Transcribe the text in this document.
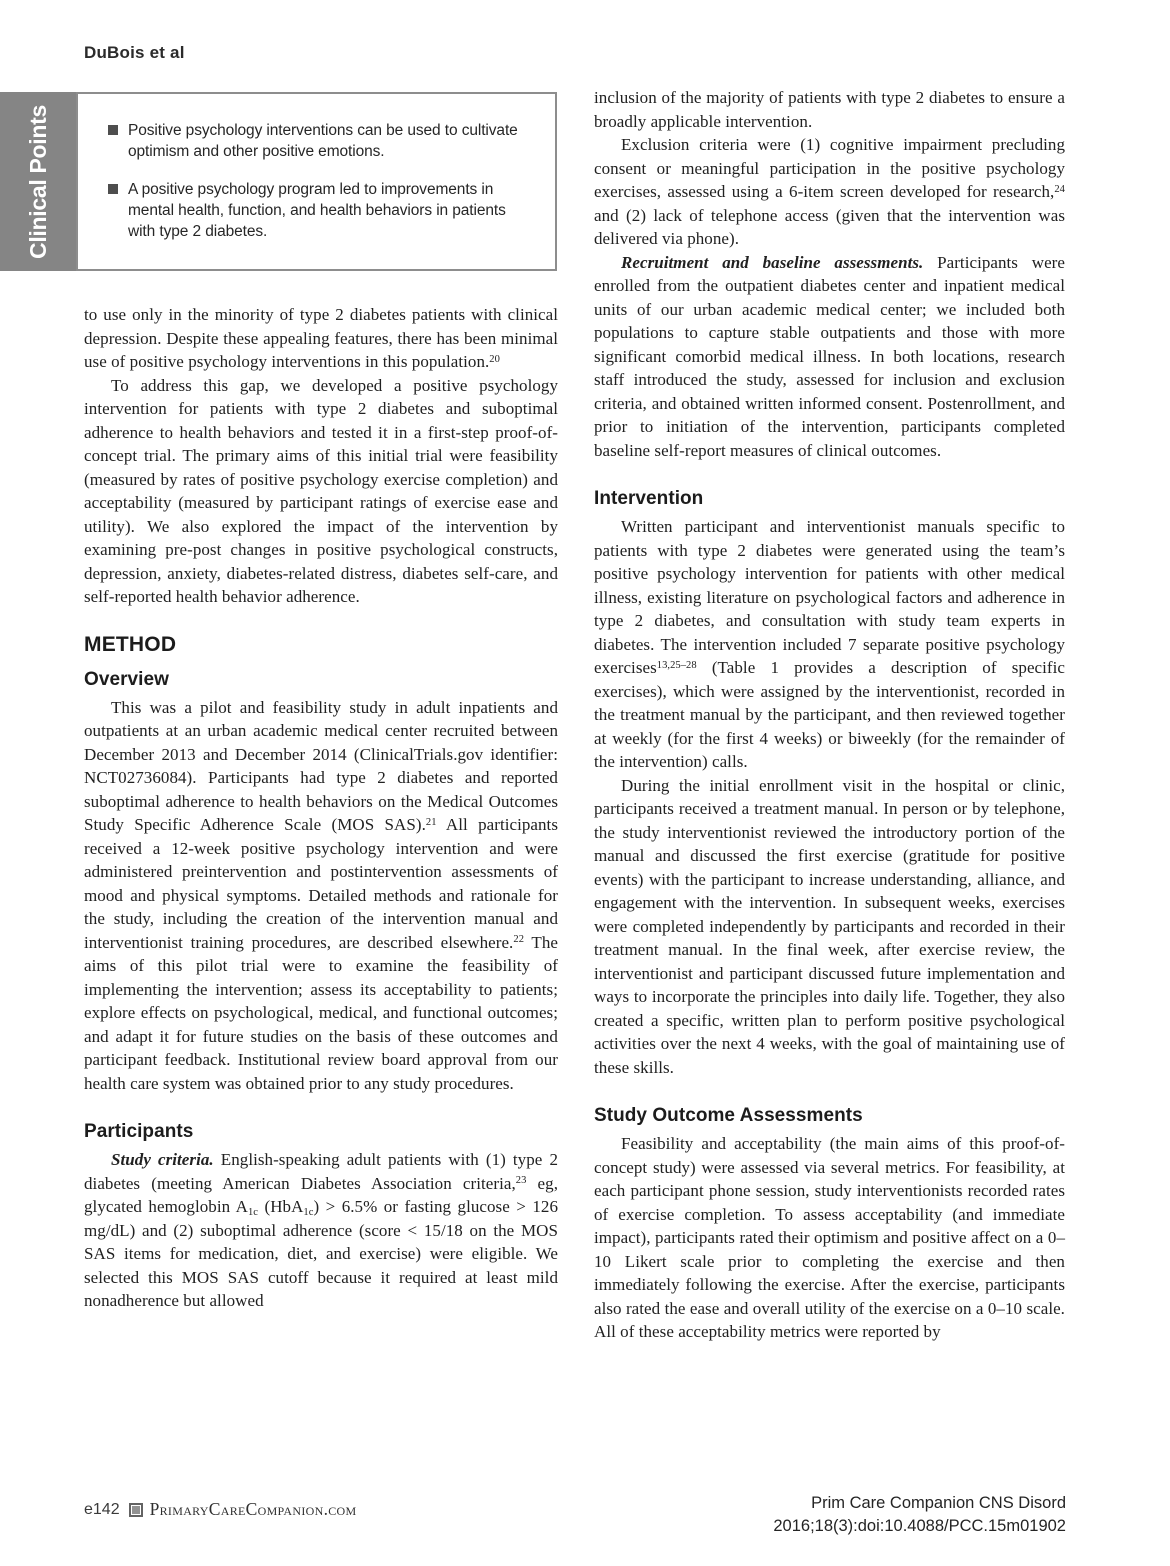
DuBois et al
Clinical Points	Positive psychology interventions can be used to cultivate optimism and other positive emotions.
A positive psychology program led to improvements in mental health, function, and health behaviors in patients with type 2 diabetes.

to use only in the minority of type 2 diabetes patients with clinical depression. Despite these appealing features, there has been minimal use of positive psychology interventions in this population.$^{20}$

To address this gap, we developed a positive psychology intervention for patients with type 2 diabetes and suboptimal adherence to health behaviors and tested it in a first-step proof-of-concept trial. The primary aims of this initial trial were feasibility (measured by rates of positive psychology exercise completion) and acceptability (measured by participant ratings of exercise ease and utility). We also explored the impact of the intervention by examining pre-post changes in positive psychological constructs, depression, anxiety, diabetes-related distress, diabetes self-care, and self-reported health behavior adherence.

METHOD
Overview

This was a pilot and feasibility study in adult inpatients and outpatients at an urban academic medical center recruited between December 2013 and December 2014 (ClinicalTrials.gov identifier: NCT02736084). Participants had type 2 diabetes and reported suboptimal adherence to health behaviors on the Medical Outcomes Study Specific Adherence Scale (MOS SAS).$^{21}$ All participants received a 12-week positive psychology intervention and were administered preintervention and postintervention assessments of mood and physical symptoms. Detailed methods and rationale for the study, including the creation of the intervention manual and interventionist training procedures, are described elsewhere.$^{22}$ The aims of this pilot trial were to examine the feasibility of implementing the intervention; assess its acceptability to patients; explore effects on psychological, medical, and functional outcomes; and adapt it for future studies on the basis of these outcomes and participant feedback. Institutional review board approval from our health care system was obtained prior to any study procedures.

Participants

Study criteria. English-speaking adult patients with (1) type 2 diabetes (meeting American Diabetes Association criteria,$^{23}$ eg, glycated hemoglobin $A_{1c}$ (HbA$_{1c}$) > 6.5% or fasting glucose > 126 mg/dL) and (2) suboptimal adherence (score < 15/18 on the MOS SAS items for medication, diet, and exercise) were eligible. We selected this MOS SAS cutoff because it required at least mild nonadherence but allowed

inclusion of the majority of patients with type 2 diabetes to ensure a broadly applicable intervention.

Exclusion criteria were (1) cognitive impairment precluding consent or meaningful participation in the positive psychology exercises, assessed using a 6-item screen developed for research,$^{24}$ and (2) lack of telephone access (given that the intervention was delivered via phone).

Recruitment and baseline assessments. Participants were enrolled from the outpatient diabetes center and inpatient medical units of our urban academic medical center; we included both populations to capture stable outpatients and those with more significant comorbid medical illness. In both locations, research staff introduced the study, assessed for inclusion and exclusion criteria, and obtained written informed consent. Postenrollment, and prior to initiation of the intervention, participants completed baseline self-report measures of clinical outcomes.

Intervention

Written participant and interventionist manuals specific to patients with type 2 diabetes were generated using the team’s positive psychology intervention for patients with other medical illness, existing literature on psychological factors and adherence in type 2 diabetes, and consultation with study team experts in diabetes. The intervention included 7 separate positive psychology exercises$^{13,25-28}$ (Table 1 provides a description of specific exercises), which were assigned by the interventionist, recorded in the treatment manual by the participant, and then reviewed together at weekly (for the first 4 weeks) or biweekly (for the remainder of the intervention) calls.

During the initial enrollment visit in the hospital or clinic, participants received a treatment manual. In person or by telephone, the study interventionist reviewed the introductory portion of the manual and discussed the first exercise (gratitude for positive events) with the participant to increase understanding, alliance, and engagement with the intervention. In subsequent weeks, exercises were completed independently by participants and recorded in their treatment manual. In the final week, after exercise review, the interventionist and participant discussed future implementation and ways to incorporate the principles into daily life. Together, they also created a specific, written plan to perform positive psychological activities over the next 4 weeks, with the goal of maintaining use of these skills.

Study Outcome Assessments

Feasibility and acceptability (the main aims of this proof-of-concept study) were assessed via several metrics. For feasibility, at each participant phone session, study interventionists recorded rates of exercise completion. To assess acceptability (and immediate impact), participants rated their optimism and positive affect on a 0–10 Likert scale prior to completing the exercise and then immediately following the exercise. After the exercise, participants also rated the ease and overall utility of the exercise on a 0–10 scale. All of these acceptability metrics were reported by

e142 PrimaryCareCompanion.com	Prim Care Companion CNS Disord
2016;18(3):doi:10.4088/PCC.15m01902
